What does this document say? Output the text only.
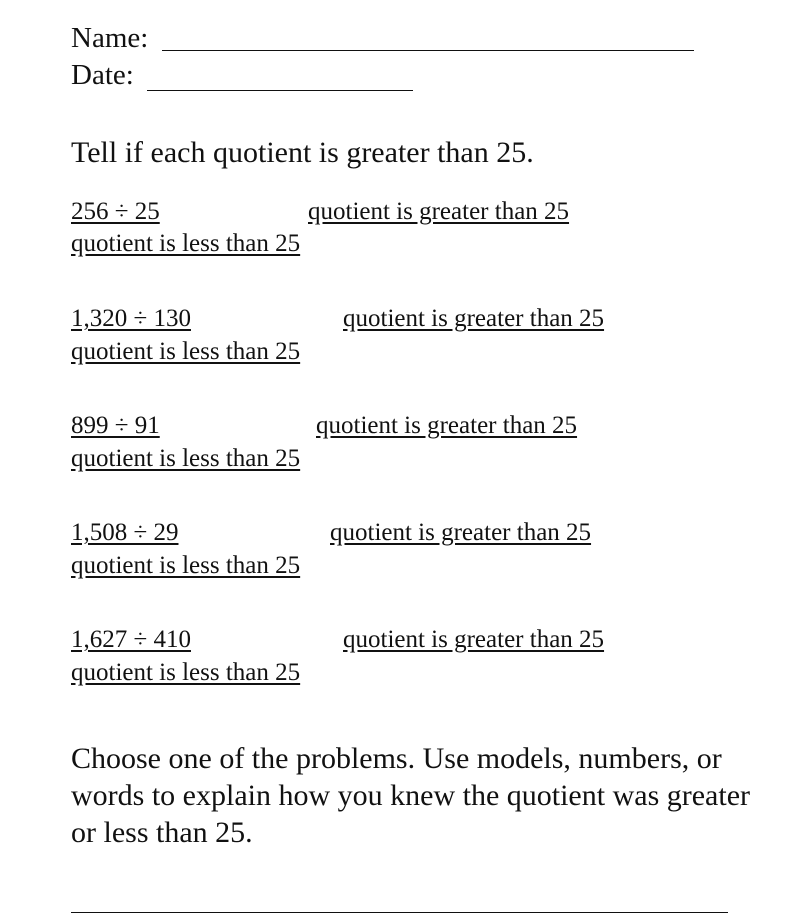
Name:
Date:
Tell if each quotient is greater than 25.
256 ÷ 25	quotient is greater than 25
quotient is less than 25
1,320 ÷ 130	quotient is greater than 25
quotient is less than 25
899 ÷ 91	quotient is greater than 25
quotient is less than 25
1,508 ÷ 29	quotient is greater than 25
quotient is less than 25
1,627 ÷ 410	quotient is greater than 25
quotient is less than 25
Choose one of the problems. Use models, numbers, or words to explain how you knew the quotient was greater or less than 25.
